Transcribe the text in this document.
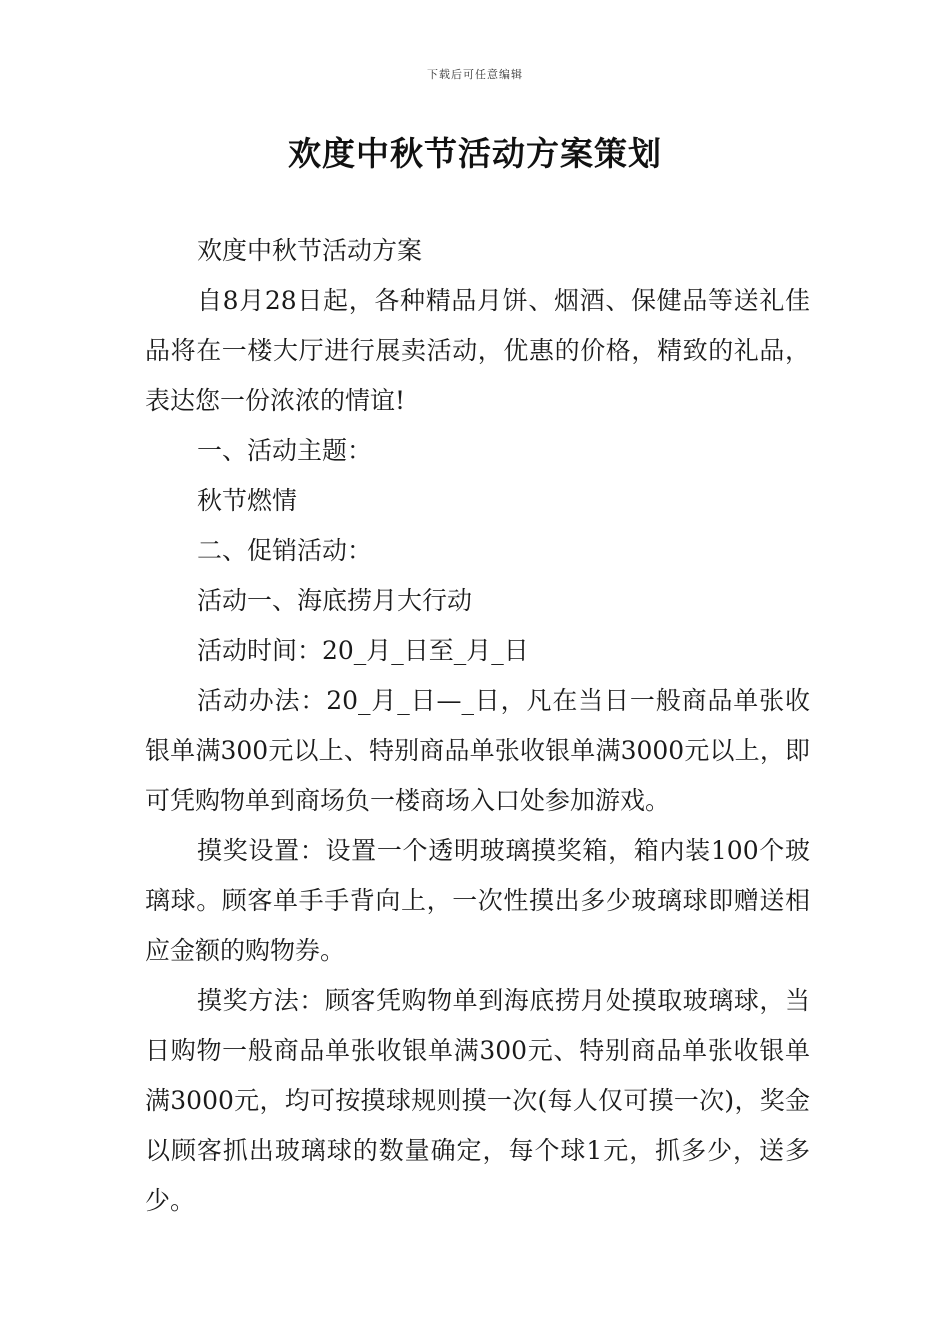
下载后可任意编辑
欢度中秋节活动方案策划

欢度中秋节活动方案

自8月28日起，各种精品月饼、烟酒、保健品等送礼佳品将在一楼大厅进行展卖活动，优惠的价格，精致的礼品，表达您一份浓浓的情谊!

一、活动主题：

秋节燃情

二、促销活动：

活动一、海底捞月大行动

活动时间：20_月_日至_月_日

活动办法：20_月_日—_日，凡在当日一般商品单张收银单满300元以上、特别商品单张收银单满3000元以上，即可凭购物单到商场负一楼商场入口处参加游戏。

摸奖设置：设置一个透明玻璃摸奖箱，箱内装100个玻璃球。顾客单手手背向上，一次性摸出多少玻璃球即赠送相应金额的购物券。

摸奖方法：顾客凭购物单到海底捞月处摸取玻璃球，当日购物一般商品单张收银单满300元、特别商品单张收银单满3000元，均可按摸球规则摸一次(每人仅可摸一次)，奖金以顾客抓出玻璃球的数量确定，每个球1元，抓多少，送多少。
